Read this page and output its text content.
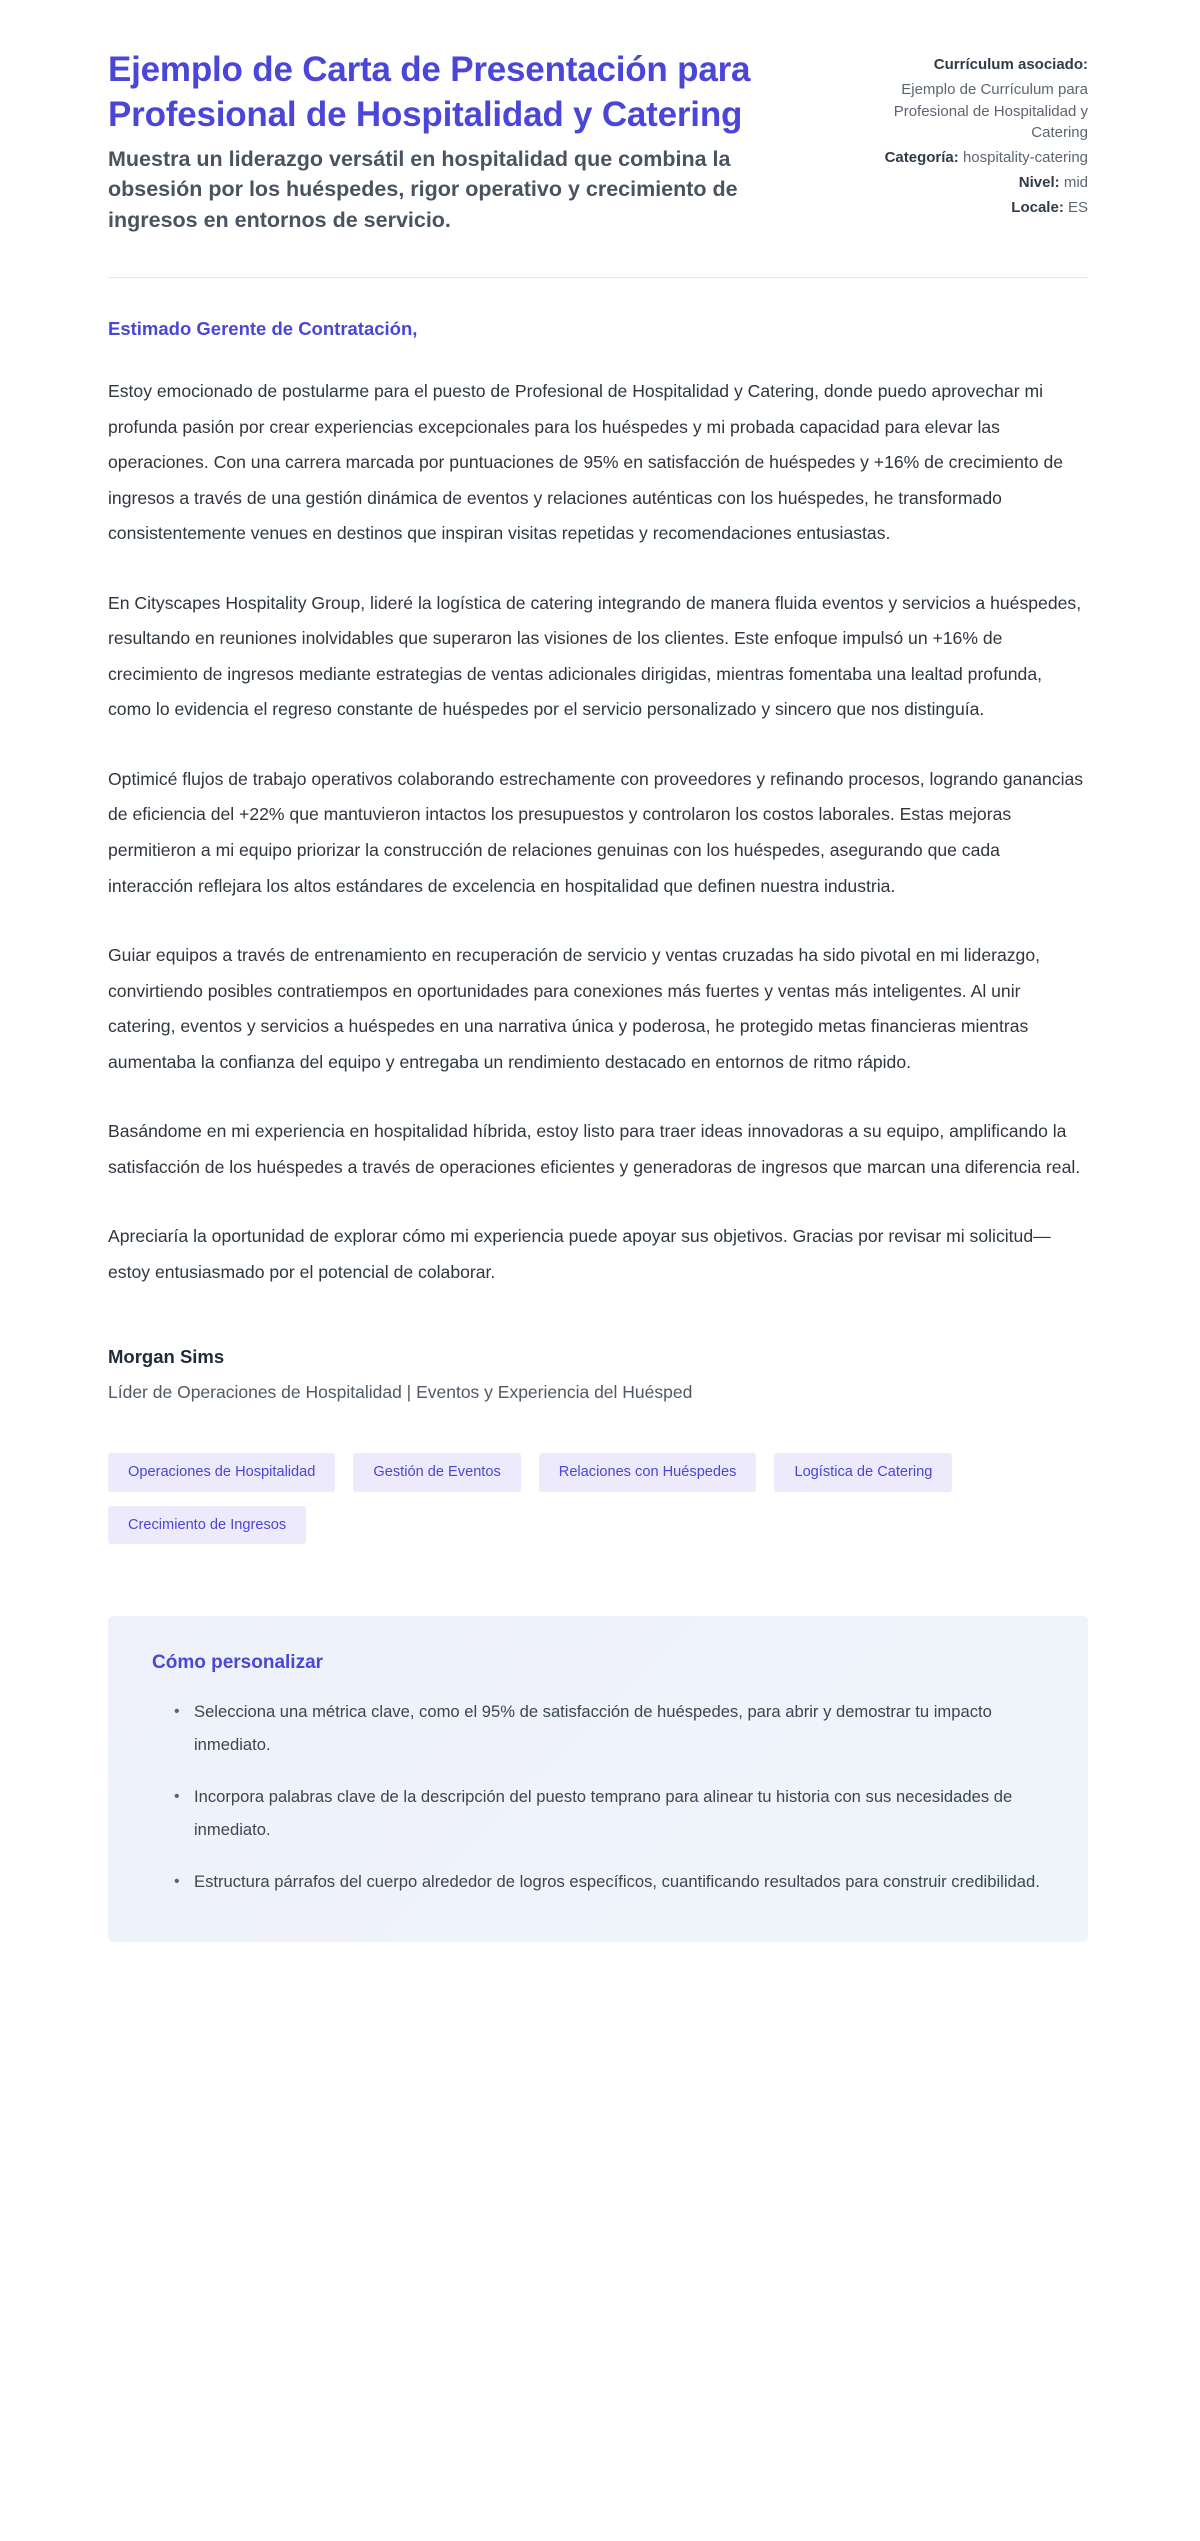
Ejemplo de Carta de Presentación para Profesional de Hospitalidad y Catering

Muestra un liderazgo versátil en hospitalidad que combina la obsesión por los huéspedes, rigor operativo y crecimiento de ingresos en entornos de servicio.

Currículum asociado:
Ejemplo de Currículum para Profesional de Hospitalidad y Catering
Categoría: hospitality-catering
Nivel: mid
Locale: ES

Estimado Gerente de Contratación,

Estoy emocionado de postularme para el puesto de Profesional de Hospitalidad y Catering, donde puedo aprovechar mi profunda pasión por crear experiencias excepcionales para los huéspedes y mi probada capacidad para elevar las operaciones. Con una carrera marcada por puntuaciones de 95% en satisfacción de huéspedes y +16% de crecimiento de ingresos a través de una gestión dinámica de eventos y relaciones auténticas con los huéspedes, he transformado consistentemente venues en destinos que inspiran visitas repetidas y recomendaciones entusiastas.

En Cityscapes Hospitality Group, lideré la logística de catering integrando de manera fluida eventos y servicios a huéspedes, resultando en reuniones inolvidables que superaron las visiones de los clientes. Este enfoque impulsó un +16% de crecimiento de ingresos mediante estrategias de ventas adicionales dirigidas, mientras fomentaba una lealtad profunda, como lo evidencia el regreso constante de huéspedes por el servicio personalizado y sincero que nos distinguía.

Optimicé flujos de trabajo operativos colaborando estrechamente con proveedores y refinando procesos, logrando ganancias de eficiencia del +22% que mantuvieron intactos los presupuestos y controlaron los costos laborales. Estas mejoras permitieron a mi equipo priorizar la construcción de relaciones genuinas con los huéspedes, asegurando que cada interacción reflejara los altos estándares de excelencia en hospitalidad que definen nuestra industria.

Guiar equipos a través de entrenamiento en recuperación de servicio y ventas cruzadas ha sido pivotal en mi liderazgo, convirtiendo posibles contratiempos en oportunidades para conexiones más fuertes y ventas más inteligentes. Al unir catering, eventos y servicios a huéspedes en una narrativa única y poderosa, he protegido metas financieras mientras aumentaba la confianza del equipo y entregaba un rendimiento destacado en entornos de ritmo rápido.

Basándome en mi experiencia en hospitalidad híbrida, estoy listo para traer ideas innovadoras a su equipo, amplificando la satisfacción de los huéspedes a través de operaciones eficientes y generadoras de ingresos que marcan una diferencia real.

Apreciaría la oportunidad de explorar cómo mi experiencia puede apoyar sus objetivos. Gracias por revisar mi solicitud—estoy entusiasmado por el potencial de colaborar.

Morgan Sims

Líder de Operaciones de Hospitalidad | Eventos y Experiencia del Huésped

Operaciones de Hospitalidad	Gestión de Eventos	Relaciones con Huéspedes	Logística de Catering
Crecimiento de Ingresos

Cómo personalizar

• Selecciona una métrica clave, como el 95% de satisfacción de huéspedes, para abrir y demostrar tu impacto inmediato.
• Incorpora palabras clave de la descripción del puesto temprano para alinear tu historia con sus necesidades de inmediato.
• Estructura párrafos del cuerpo alrededor de logros específicos, cuantificando resultados para construir credibilidad.
